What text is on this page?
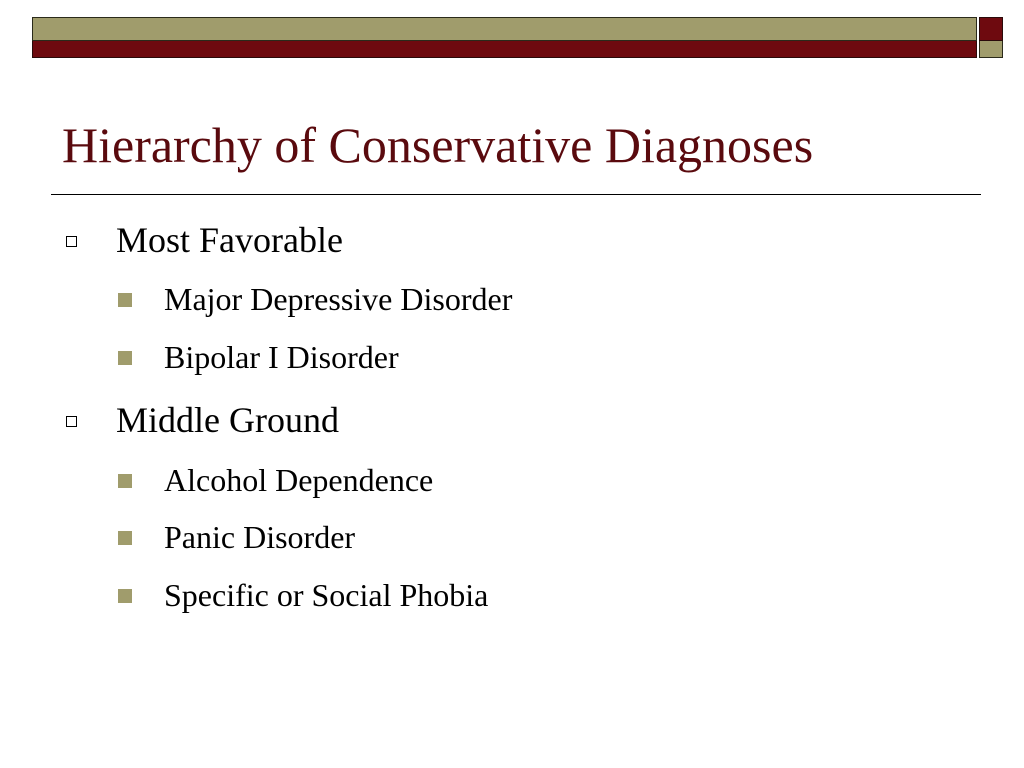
Hierarchy of Conservative Diagnoses
Most Favorable
Major Depressive Disorder
Bipolar I Disorder
Middle Ground
Alcohol Dependence
Panic Disorder
Specific or Social Phobia
